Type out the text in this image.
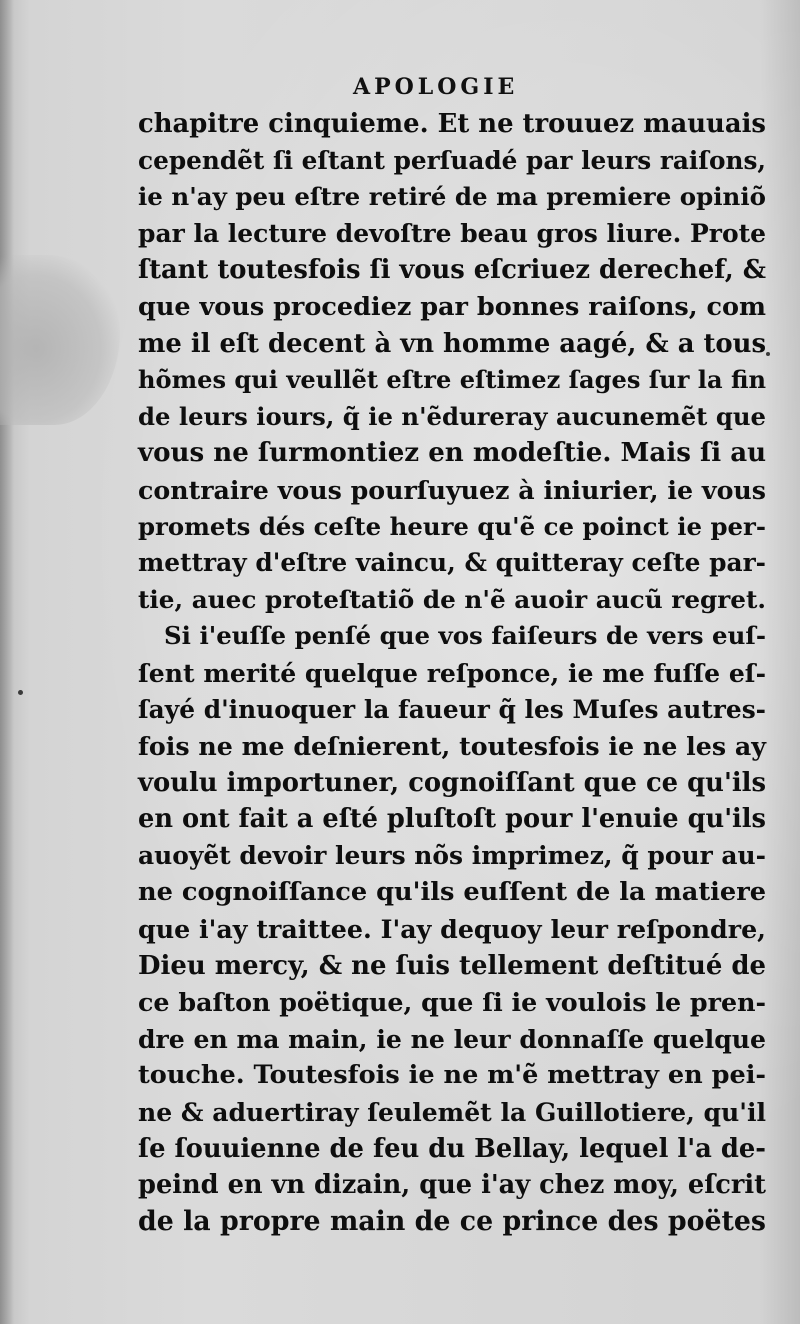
APOLOGIE
chapitre cinquieme. Et ne trouuez mauuais
cependẽt ſi eſtant perſuadé par leurs raiſons,
ie n'ay peu eſtre retiré de ma premiere opiniõ
par la lecture devoſtre beau gros liure. Prote
ſtant toutesfois ſi vous eſcriuez derechef, &
que vous procediez par bonnes raiſons, com
me il eſt decent à vn homme aagé, & a tous
hõmes qui veullẽt eſtre eſtimez ſages ſur la fin
de leurs iours, q̃ ie n'ẽdureray aucunemẽt que
vous ne ſurmontiez en modeſtie. Mais ſi au
contraire vous pourſuyuez à iniurier, ie vous
promets dés ceſte heure qu'ẽ ce poinct ie per-
mettray d'eſtre vaincu, & quitteray ceſte par-
tie, auec proteſtatiõ de n'ẽ auoir aucũ regret.
Si i'euſſe penſé que vos faiſeurs de vers euſ-
ſent merité quelque reſponce, ie me fuſſe eſ-
ſayé d'inuoquer la faueur q̃ les Muſes autres-
fois ne me deſnierent, toutesfois ie ne les ay
voulu importuner, cognoiſſant que ce qu'ils
en ont fait a eſté pluſtoſt pour l'enuie qu'ils
auoyẽt devoir leurs nõs imprimez, q̃ pour au-
ne cognoiſſance qu'ils euſſent de la matiere
que i'ay traittee. I'ay dequoy leur reſpondre,
Dieu mercy, & ne ſuis tellement deſtitué de
ce baſton poëtique, que ſi ie voulois le pren-
dre en ma main, ie ne leur donnaſſe quelque
touche. Toutesfois ie ne m'ẽ mettray en pei-
ne & aduertiray ſeulemẽt la Guillotiere, qu'il
ſe ſouuienne de feu du Bellay, lequel l'a de-
peind en vn dizain, que i'ay chez moy, eſcrit
de la propre main de ce prince des poëtes
